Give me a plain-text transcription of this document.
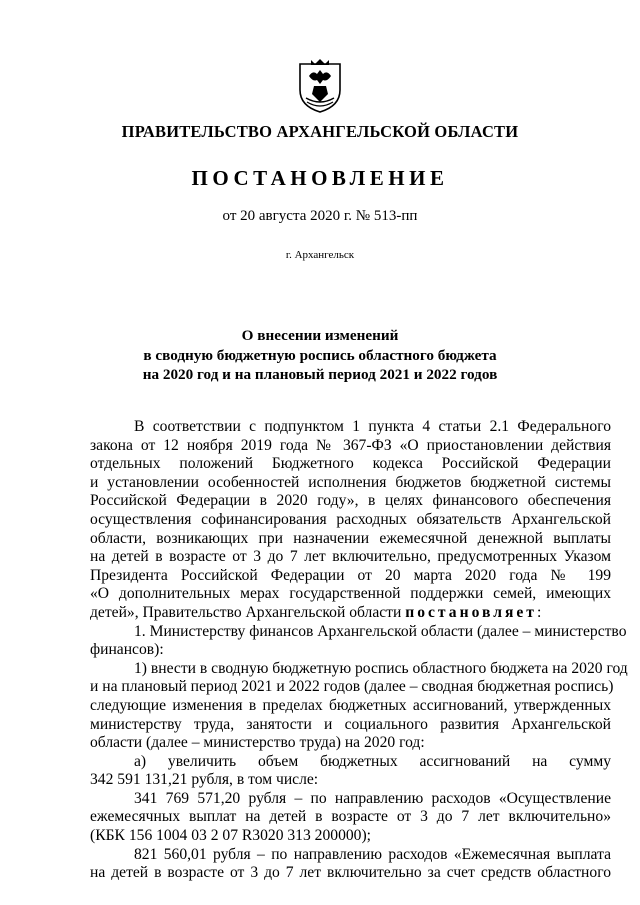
ПРАВИТЕЛЬСТВО АРХАНГЕЛЬСКОЙ ОБЛАСТИ
ПОСТАНОВЛЕНИЕ
от 20 августа 2020 г. № 513-пп
г. Архангельск
О внесении изменений
в сводную бюджетную роспись областного бюджета
на 2020 год и на плановый период 2021 и 2022 годов
В соответствии с подпунктом 1 пункта 4 статьи 2.1 Федерального
закона от 12 ноября 2019 года № 367-ФЗ «О приостановлении действия
отдельных положений Бюджетного кодекса Российской Федерации
и установлении особенностей исполнения бюджетов бюджетной системы
Российской Федерации в 2020 году», в целях финансового обеспечения
осуществления софинансирования расходных обязательств Архангельской
области, возникающих при назначении ежемесячной денежной выплаты
на детей в возрасте от 3 до 7 лет включительно, предусмотренных Указом
Президента Российской Федерации от 20 марта 2020 года № 199
«О дополнительных мерах государственной поддержки семей, имеющих
детей», Правительство Архангельской области постановляет:
1. Министерству финансов Архангельской области (далее – министерство
финансов):
1) внести в сводную бюджетную роспись областного бюджета на 2020 год
и на плановый период 2021 и 2022 годов (далее – сводная бюджетная роспись)
следующие изменения в пределах бюджетных ассигнований, утвержденных
министерству труда, занятости и социального развития Архангельской
области (далее – министерство труда) на 2020 год:
а) увеличить объем бюджетных ассигнований на сумму
342 591 131,21 рубля, в том числе:
341 769 571,20 рубля – по направлению расходов «Осуществление
ежемесячных выплат на детей в возрасте от 3 до 7 лет включительно»
(КБК 156 1004 03 2 07 R3020 313 200000);
821 560,01 рубля – по направлению расходов «Ежемесячная выплата
на детей в возрасте от 3 до 7 лет включительно за счет средств областного
